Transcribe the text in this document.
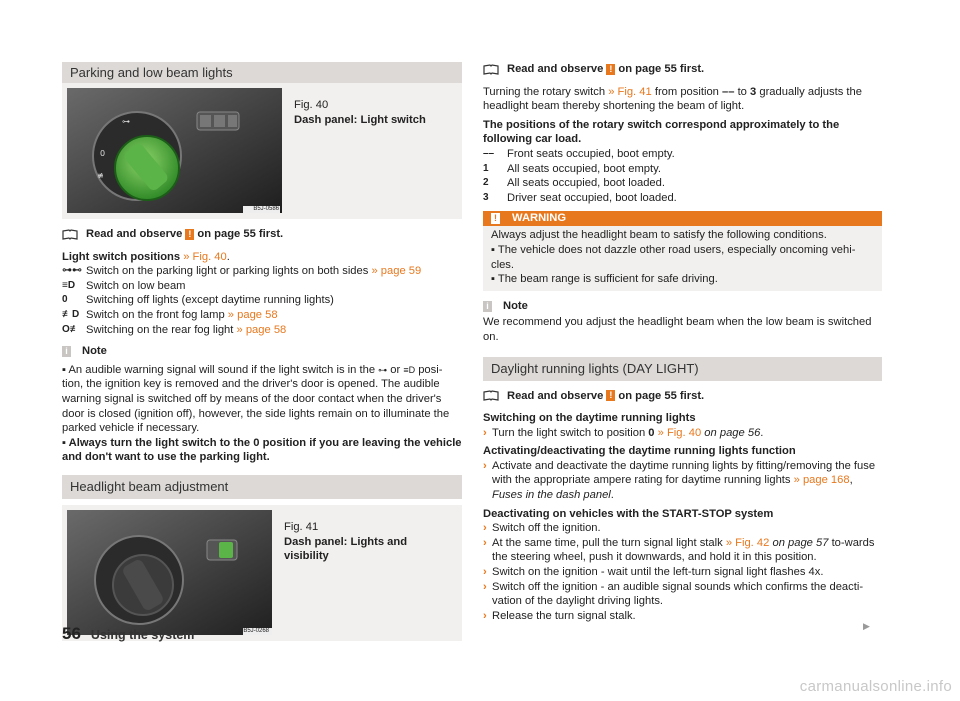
Parking and low beam lights
0
⊶
≢
B5J-0586
Fig. 40
Dash panel: Light switch
Read and observe ! on page 55 first.
Light switch positions » Fig. 40.
⊶⊷ Switch on the parking light or parking lights on both sides » page 59
≡D Switch on low beam
0	Switching off lights (except daytime running lights)
≢D Switch on the front fog lamp » page 58
O≢ Switching on the rear fog light » page 58
i Note

▪ An audible warning signal will sound if the light switch is in the ⊶ or ≡D posi-tion, the ignition key is removed and the driver's door is opened. The audible warning signal is switched off by means of the door contact when the driver's door is closed (ignition off), however, the side lights remain on to illuminate the parked vehicle if necessary.

▪ Always turn the light switch to the 0 position if you are leaving the vehicle and don't want to use the parking light.

Headlight beam adjustment
B5J-0268
Fig. 41
Dash panel: Lights and visibility
Read and observe ! on page 55 first.

Turning the rotary switch » Fig. 41 from position –– to 3 gradually adjusts the headlight beam thereby shortening the beam of light.

The positions of the rotary switch correspond approximately to the following car load.

––	Front seats occupied, boot empty.
1	All seats occupied, boot empty.
2	All seats occupied, boot loaded.
3	Driver seat occupied, boot loaded.
! WARNING

Always adjust the headlight beam to satisfy the following conditions.

▪ The vehicle does not dazzle other road users, especially oncoming vehi-cles.

▪ The beam range is sufficient for safe driving.

i Note

We recommend you adjust the headlight beam when the low beam is switched on.

Daylight running lights (DAY LIGHT)
Read and observe ! on page 55 first.

Switching on the daytime running lights

› Turn the light switch to position 0 » Fig. 40 on page 56.

Activating/deactivating the daytime running lights function

› Activate and deactivate the daytime running lights by fitting/removing the fuse with the appropriate ampere rating for daytime running lights » page 168, Fuses in the dash panel.

Deactivating on vehicles with the START-STOP system

› Switch off the ignition.
› At the same time, pull the turn signal light stalk » Fig. 42 on page 57 to-wards the steering wheel, push it downwards, and hold it in this position.
› Switch on the ignition - wait until the left-turn signal light flashes 4x.
› Switch off the ignition - an audible signal sounds which confirms the deacti-vation of the daylight driving lights.
› Release the turn signal stalk.
▶
56 Using the system
carmanualsonline.info
